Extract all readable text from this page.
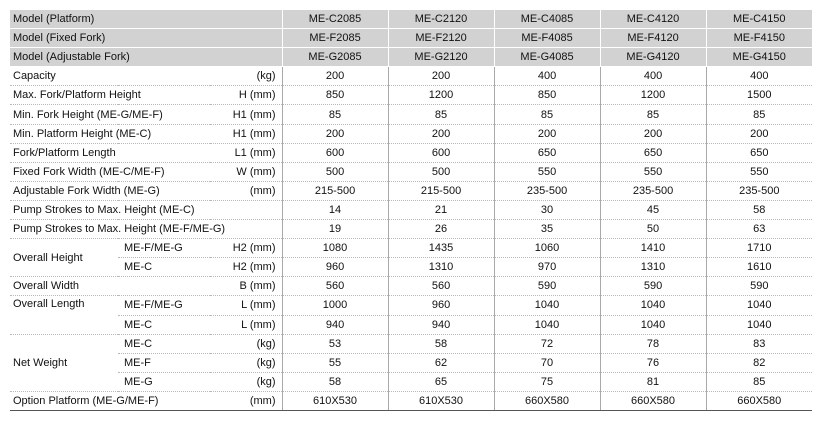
Model (Platform)			ME-C2085	ME-C2120	ME-C4085	ME-C4120	ME-C4150
Model (Fixed Fork)			ME-F2085	ME-F2120	ME-F4085	ME-F4120	ME-F4150
Model (Adjustable Fork)			ME-G2085	ME-G2120	ME-G4085	ME-G4120	ME-G4150
Capacity		(kg)	200	200	400	400	400
Max. Fork/Platform Height		H (mm)	850	1200	850	1200	1500
Min. Fork Height (ME-G/ME-F)		H1 (mm)	85	85	85	85	85
Min. Platform Height (ME-C)		H1 (mm)	200	200	200	200	200
Fork/Platform Length		L1 (mm)	600	600	650	650	650
Fixed Fork Width (ME-C/ME-F)		W (mm)	500	500	550	550	550
Adjustable Fork Width (ME-G)		(mm)	215-500	215-500	235-500	235-500	235-500
Pump Strokes to Max. Height (ME-C)			14	21	30	45	58
Pump Strokes to Max. Height (ME-F/ME-G)			19	26	35	50	63
Overall Height	ME-F/ME-G	H2 (mm)	1080	1435	1060	1410	1710
	ME-C	H2 (mm)	960	1310	970	1310	1610
Overall Width		B (mm)	560	560	590	590	590
Overall Length	ME-F/ME-G	L (mm)	1000	960	1040	1040	1040
	ME-C	L (mm)	940	940	1040	1040	1040
Net Weight	ME-C	(kg)	53	58	72	78	83
	ME-F	(kg)	55	62	70	76	82
	ME-G	(kg)	58	65	75	81	85
Option Platform (ME-G/ME-F)		(mm)	610X530	610X530	660X580	660X580	660X580
